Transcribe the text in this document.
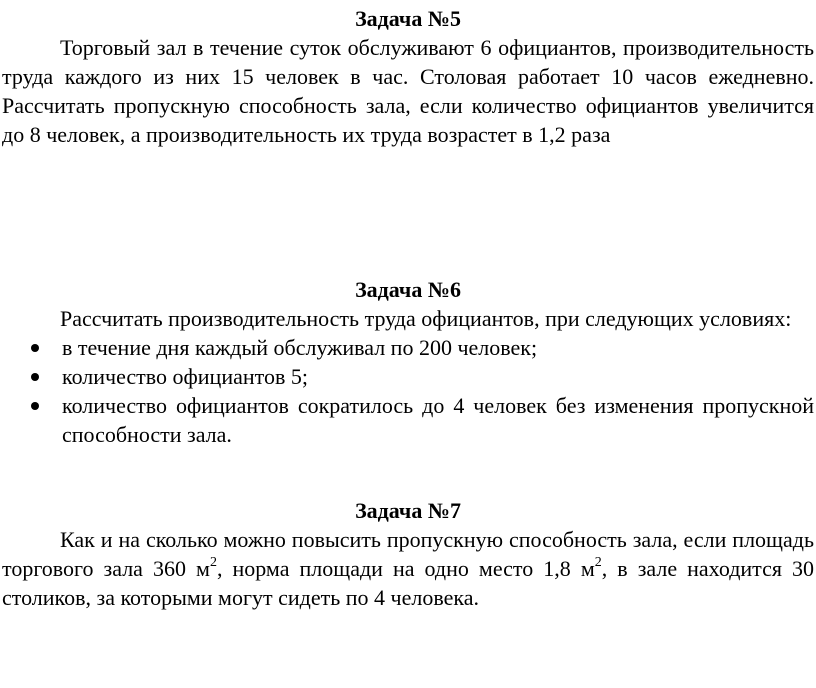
Задача №5

Торговый зал в течение суток обслуживают 6 официантов, производительность труда каждого из них 15 человек в час. Столовая работает 10 часов ежедневно. Рассчитать пропускную способность зала, если количество официантов увеличится до 8 человек, а производительность их труда возрастет в 1,2 раза

Задача №6

Рассчитать производительность труда официантов, при следующих условиях:

в течение дня каждый обслуживал по 200 человек;
количество официантов 5;
количество официантов сократилось до 4 человек без изменения пропускной способности зала.

Задача №7

Как и на сколько можно повысить пропускную способность зала, если площадь торгового зала 360 $м^2$, норма площади на одно место 1,8 $м^2$, в зале находится 30 столиков, за которыми могут сидеть по 4 человека.
